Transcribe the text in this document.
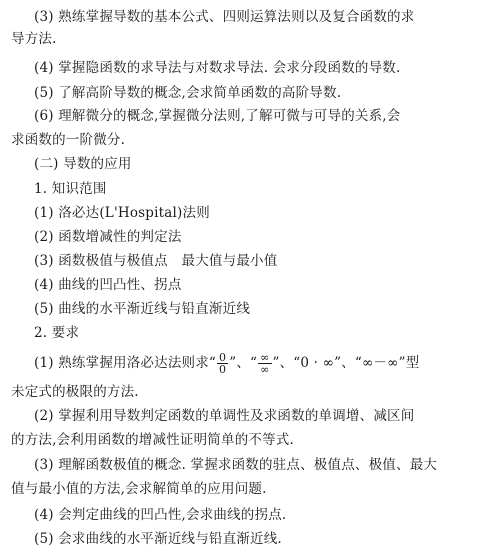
(3) 熟练掌握导数的基本公式、四则运算法则以及复合函数的求
导方法.
(4) 掌握隐函数的求导法与对数求导法. 会求分段函数的导数.
(5) 了解高阶导数的概念,会求简单函数的高阶导数.
(6) 理解微分的概念,掌握微分法则,了解可微与可导的关系,会
求函数的一阶微分.
(二) 导数的应用
1. 知识范围
(1) 洛必达(L'Hospital)法则
(2) 函数增减性的判定法
(3) 函数极值与极值点　最大值与最小值
(4) 曲线的凹凸性、拐点
(5) 曲线的水平渐近线与铅直渐近线
2. 要求
(1) 熟练掌握用洛必达法则求“ $\frac{0}{0}$ ”、“ $\frac{\infty}{\infty}$ ”、“0 · ∞”、“∞－∞”型
未定式的极限的方法.
(2) 掌握利用导数判定函数的单调性及求函数的单调增、减区间
的方法,会利用函数的增减性证明简单的不等式.
(3) 理解函数极值的概念. 掌握求函数的驻点、极值点、极值、最大
值与最小值的方法,会求解简单的应用问题.
(4) 会判定曲线的凹凸性,会求曲线的拐点.
(5) 会求曲线的水平渐近线与铅直渐近线.
